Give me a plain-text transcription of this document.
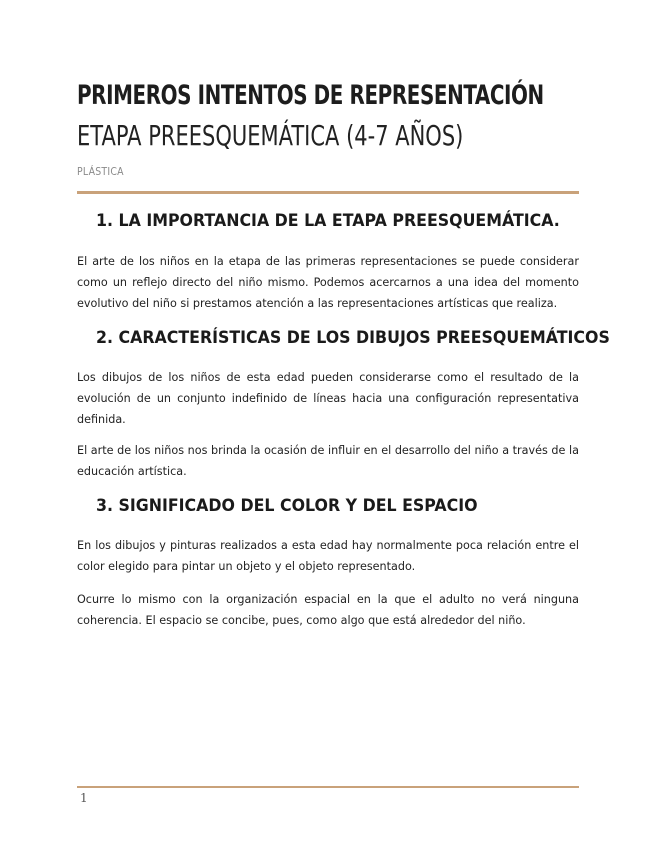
PRIMEROS INTENTOS DE REPRESENTACIÓN
ETAPA PREESQUEMÁTICA (4-7 AÑOS)
PLÁSTICA
1. LA IMPORTANCIA DE LA ETAPA PREESQUEMÁTICA.
El arte de los niños en la etapa de las primeras representaciones se puede considerar como un reflejo directo del niño mismo. Podemos acercarnos a una idea del momento evolutivo del niño si prestamos atención a las representaciones artísticas que realiza.
2. CARACTERÍSTICAS DE LOS DIBUJOS PREESQUEMÁTICOS
Los dibujos de los niños de esta edad pueden considerarse como el resultado de la evolución de un conjunto indefinido de líneas hacia una configuración representativa definida.
El arte de los niños nos brinda la ocasión de influir en el desarrollo del niño a través de la educación artística.
3. SIGNIFICADO DEL COLOR Y DEL ESPACIO
En los dibujos y pinturas realizados a esta edad hay normalmente poca relación entre el color elegido para pintar un objeto y el objeto representado.
Ocurre lo mismo con la organización espacial en la que el adulto no verá ninguna coherencia. El espacio se concibe, pues, como algo que está alrededor del niño.
1
